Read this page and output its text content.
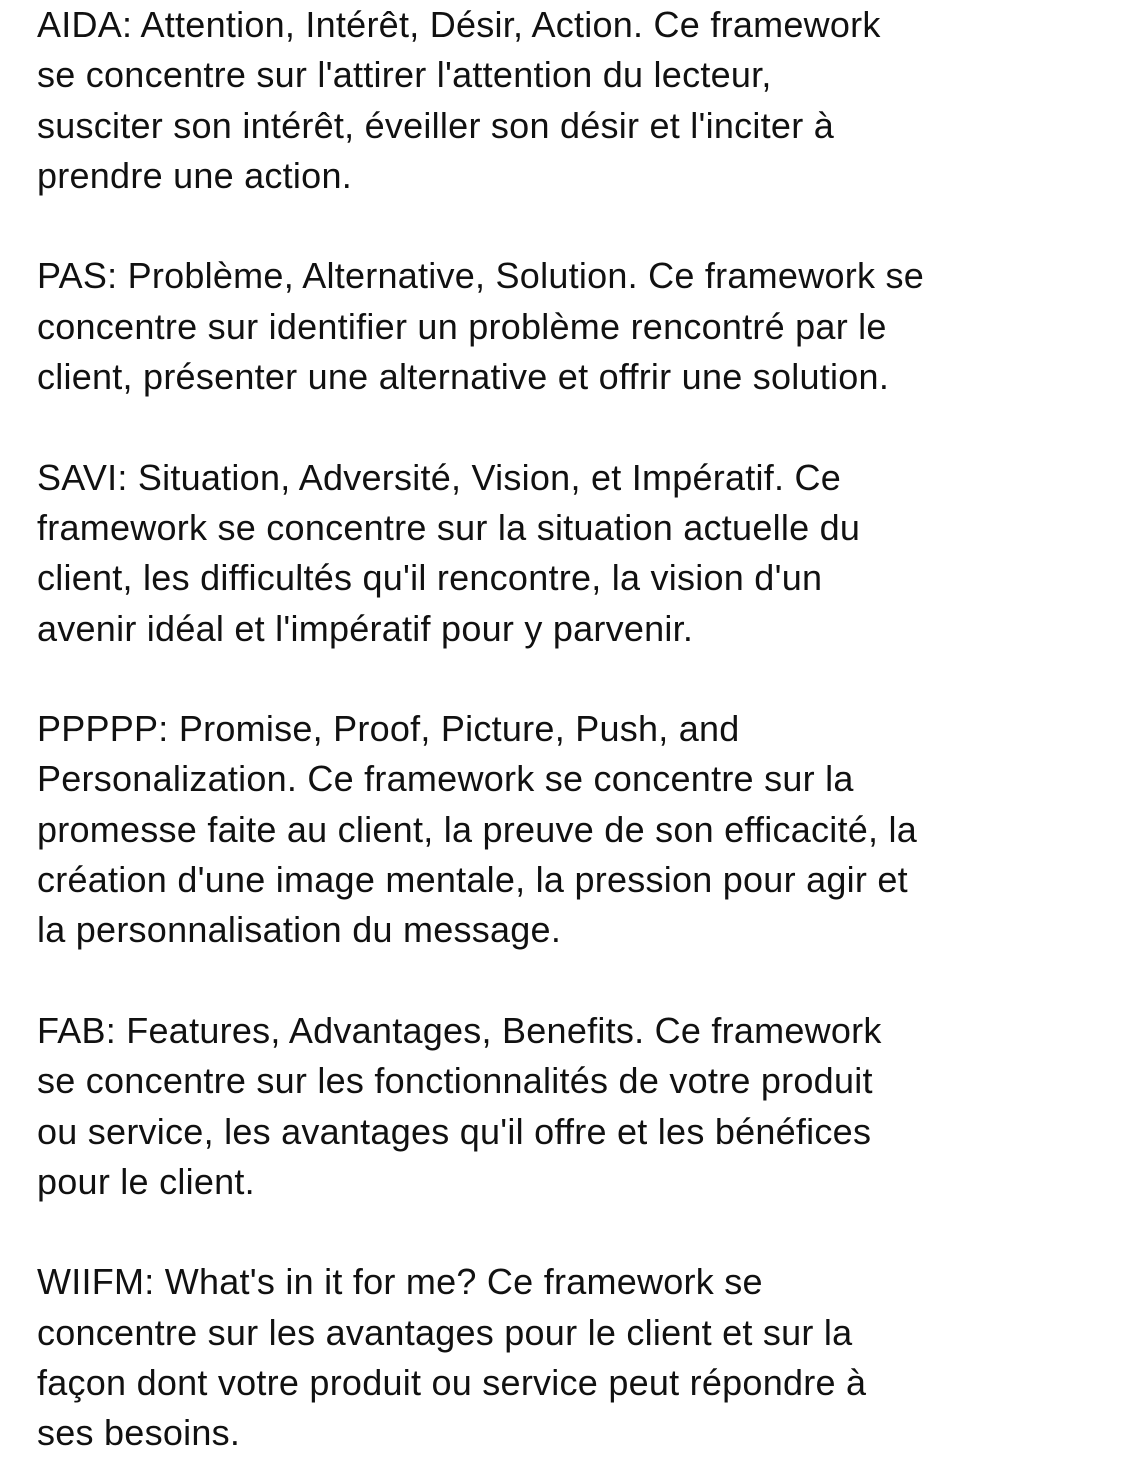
AIDA: Attention, Intérêt, Désir, Action. Ce framework
se concentre sur l'attirer l'attention du lecteur,
susciter son intérêt, éveiller son désir et l'inciter à
prendre une action.
PAS: Problème, Alternative, Solution. Ce framework se
concentre sur identifier un problème rencontré par le
client, présenter une alternative et offrir une solution.
SAVI: Situation, Adversité, Vision, et Impératif. Ce
framework se concentre sur la situation actuelle du
client, les difficultés qu'il rencontre, la vision d'un
avenir idéal et l'impératif pour y parvenir.
PPPPP: Promise, Proof, Picture, Push, and
Personalization. Ce framework se concentre sur la
promesse faite au client, la preuve de son efficacité, la
création d'une image mentale, la pression pour agir et
la personnalisation du message.
FAB: Features, Advantages, Benefits. Ce framework
se concentre sur les fonctionnalités de votre produit
ou service, les avantages qu'il offre et les bénéfices
pour le client.
WIIFM: What's in it for me? Ce framework se
concentre sur les avantages pour le client et sur la
façon dont votre produit ou service peut répondre à
ses besoins.
